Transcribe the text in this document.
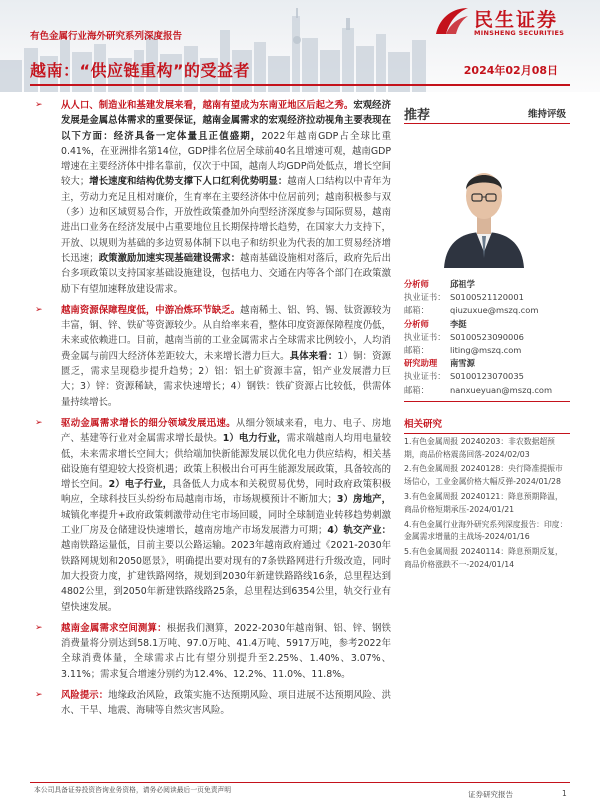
有色金属行业海外研究系列深度报告
越南：“供应链重构”的受益者	2024年02月08日
民生证券
MINSHENG SECURITIES
➢ 从人口、制造业和基建发展来看，越南有望成为东南亚地区后起之秀。宏观经济发展是金属总体需求的重要保证，越南金属需求的宏观经济拉动视角主要表现在以下方面：经济具备一定体量且正值盛期，2022年越南GDP占全球比重0.41%，在亚洲排名第14位，GDP排名位居全球前40名且增速可观，越南GDP增速在主要经济体中排名靠前，仅次于中国，越南人均GDP尚处低点，增长空间较大；增长速度和结构优势支撑下人口红利优势明显：越南人口结构以中青年为主，劳动力充足且相对廉价，生育率在主要经济体中位居前列；越南积极参与双（多）边和区域贸易合作，开放性政策叠加外向型经济深度参与国际贸易，越南进出口业务在经济发展中占重要地位且长期保持增长趋势，在国家大力支持下，开放、以规则为基础的多边贸易体制下以电子和纺织业为代表的加工贸易经济增长迅速；政策激励加速实现基础建设需求：越南基础设施相对落后，政府先后出台多项政策以支持国家基础设施建设，包括电力、交通在内等各个部门在政策激励下有望加速释放建设需求。
➢ 越南资源保障程度低，中游冶炼环节缺乏。越南稀土、铝、钨、锡、钛资源较为丰富，铜、锌、铁矿等资源较少。从自给率来看，整体印度资源保障程度仍低，未来或依赖进口。目前，越南当前的工业金属需求占全球需求比例较小，人均消费金属与前四大经济体差距较大，未来增长潜力巨大。具体来看：1）铜：资源匮乏，需求呈现稳步提升趋势；2）铝：铝土矿资源丰富，铝产业发展潜力巨大；3）锌：资源稀缺，需求快速增长；4）钢铁：铁矿资源占比较低，供需体量持续增长。
➢ 驱动金属需求增长的细分领域发展迅速。从细分领域来看，电力、电子、房地产、基建等行业对金属需求增长最快。1）电力行业，需求端越南人均用电量较低，未来需求增长空间大；供给端加快新能源发展以优化电力供应结构，相关基础设施有望迎较大投资机遇；政策上积极出台可再生能源发展政策，具备较高的增长空间。2）电子行业，具备低人力成本和关税贸易优势，同时政府政策积极响应，全球科技巨头纷纷布局越南市场，市场规模预计不断加大；3）房地产，城镇化率提升+政府政策刺激带动住宅市场回暖，同时全球制造业转移趋势刺激工业厂房及仓储建设快速增长，越南房地产市场发展潜力可期；4）轨交产业：越南铁路运量低，目前主要以公路运输。2023年越南政府通过《2021-2030年铁路网规划和2050愿景》，明确提出要对现有的7条铁路网进行升级改造，同时加大投资力度，扩建铁路网络，规划到2030年新建铁路路线16条，总里程达到4802公里，到2050年新建铁路线路25条，总里程达到6354公里，轨交行业有望快速发展。
➢ 越南金属需求空间测算：根据我们测算，2022-2030年越南铜、铝、锌、钢铁消费量将分别达到58.1万吨、97.0万吨、41.4万吨、5917万吨，参考2022年全球消费体量，全球需求占比有望分别提升至2.25%、1.40%、3.07%、3.11%；需求复合增速分别约为12.4%、12.2%、11.0%、11.8%。
➢ 风险提示：地缘政治风险，政策实施不达预期风险、项目进展不达预期风险、洪水、干旱、地震、海啸等自然灾害风险。
推荐	维持评级
分析师	邱祖学
执业证书： S0100521120001
邮箱：	qiuzuxue@mszq.com
分析师	李挺
执业证书： S0100523090006
邮箱：	liting@mszq.com
研究助理	南雪源
执业证书： S0100123070035
邮箱：	nanxueyuan@mszq.com
相关研究
1.有色金属周报 20240203：非农数据超预期，商品价格震荡回落-2024/02/03
2.有色金属周报 20240128：央行降准提振市场信心，工业金属价格大幅反弹-2024/01/28
3.有色金属周报 20240121：降息预期降温，商品价格短期承压-2024/01/21
4.有色金属行业海外研究系列深度报告：印度：金属需求增量的主战场-2024/01/16
5.有色金属周报 20240114：降息预期反复，商品价格涨跌不一-2024/01/14
本公司具备证券投资咨询业务资格，请务必阅读最后一页免责声明	证券研究报告	1
